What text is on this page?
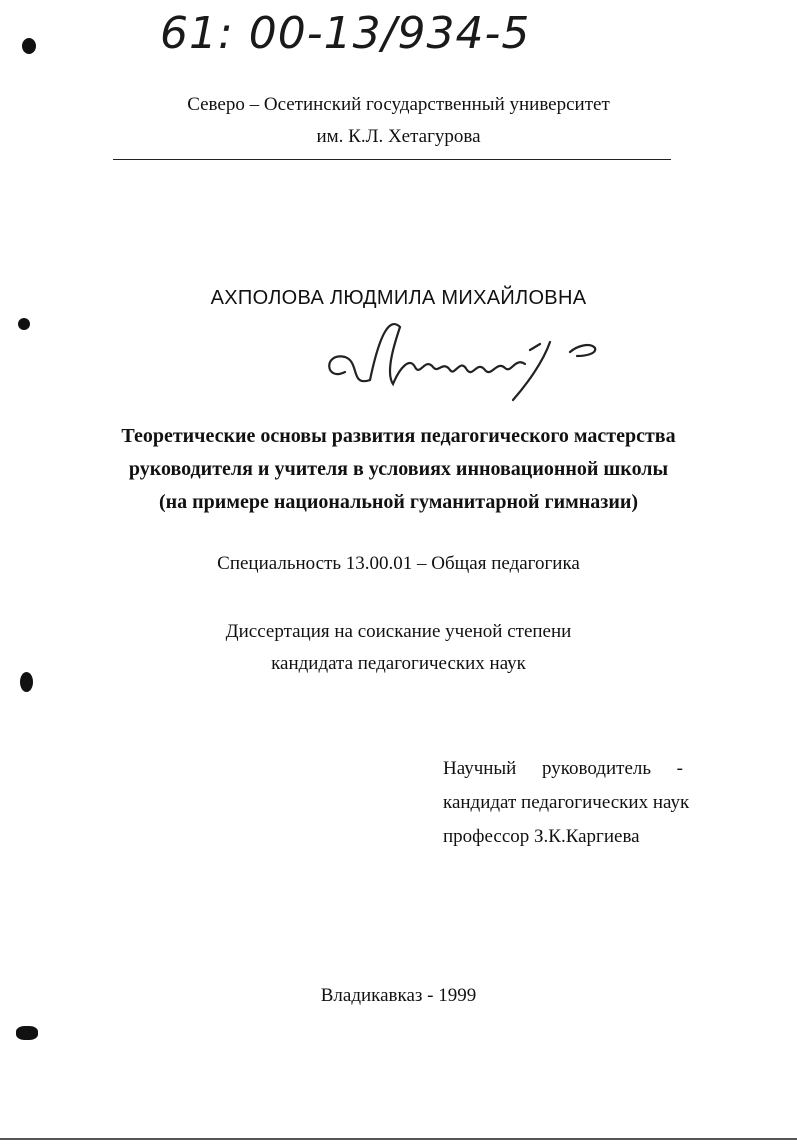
61: 00-13/934-5
Северо – Осетинский государственный университет
им. К.Л. Хетагурова
АХПОЛОВА ЛЮДМИЛА МИХАЙЛОВНА
Теоретические основы развития педагогического мастерства
руководителя и учителя в условиях инновационной школы
(на примере национальной гуманитарной гимназии)
Специальность 13.00.01 – Общая педагогика
Диссертация на соискание ученой степени
кандидата педагогических наук
Научный руководитель -
кандидат педагогических наук
профессор З.К.Каргиева
Владикавказ - 1999
